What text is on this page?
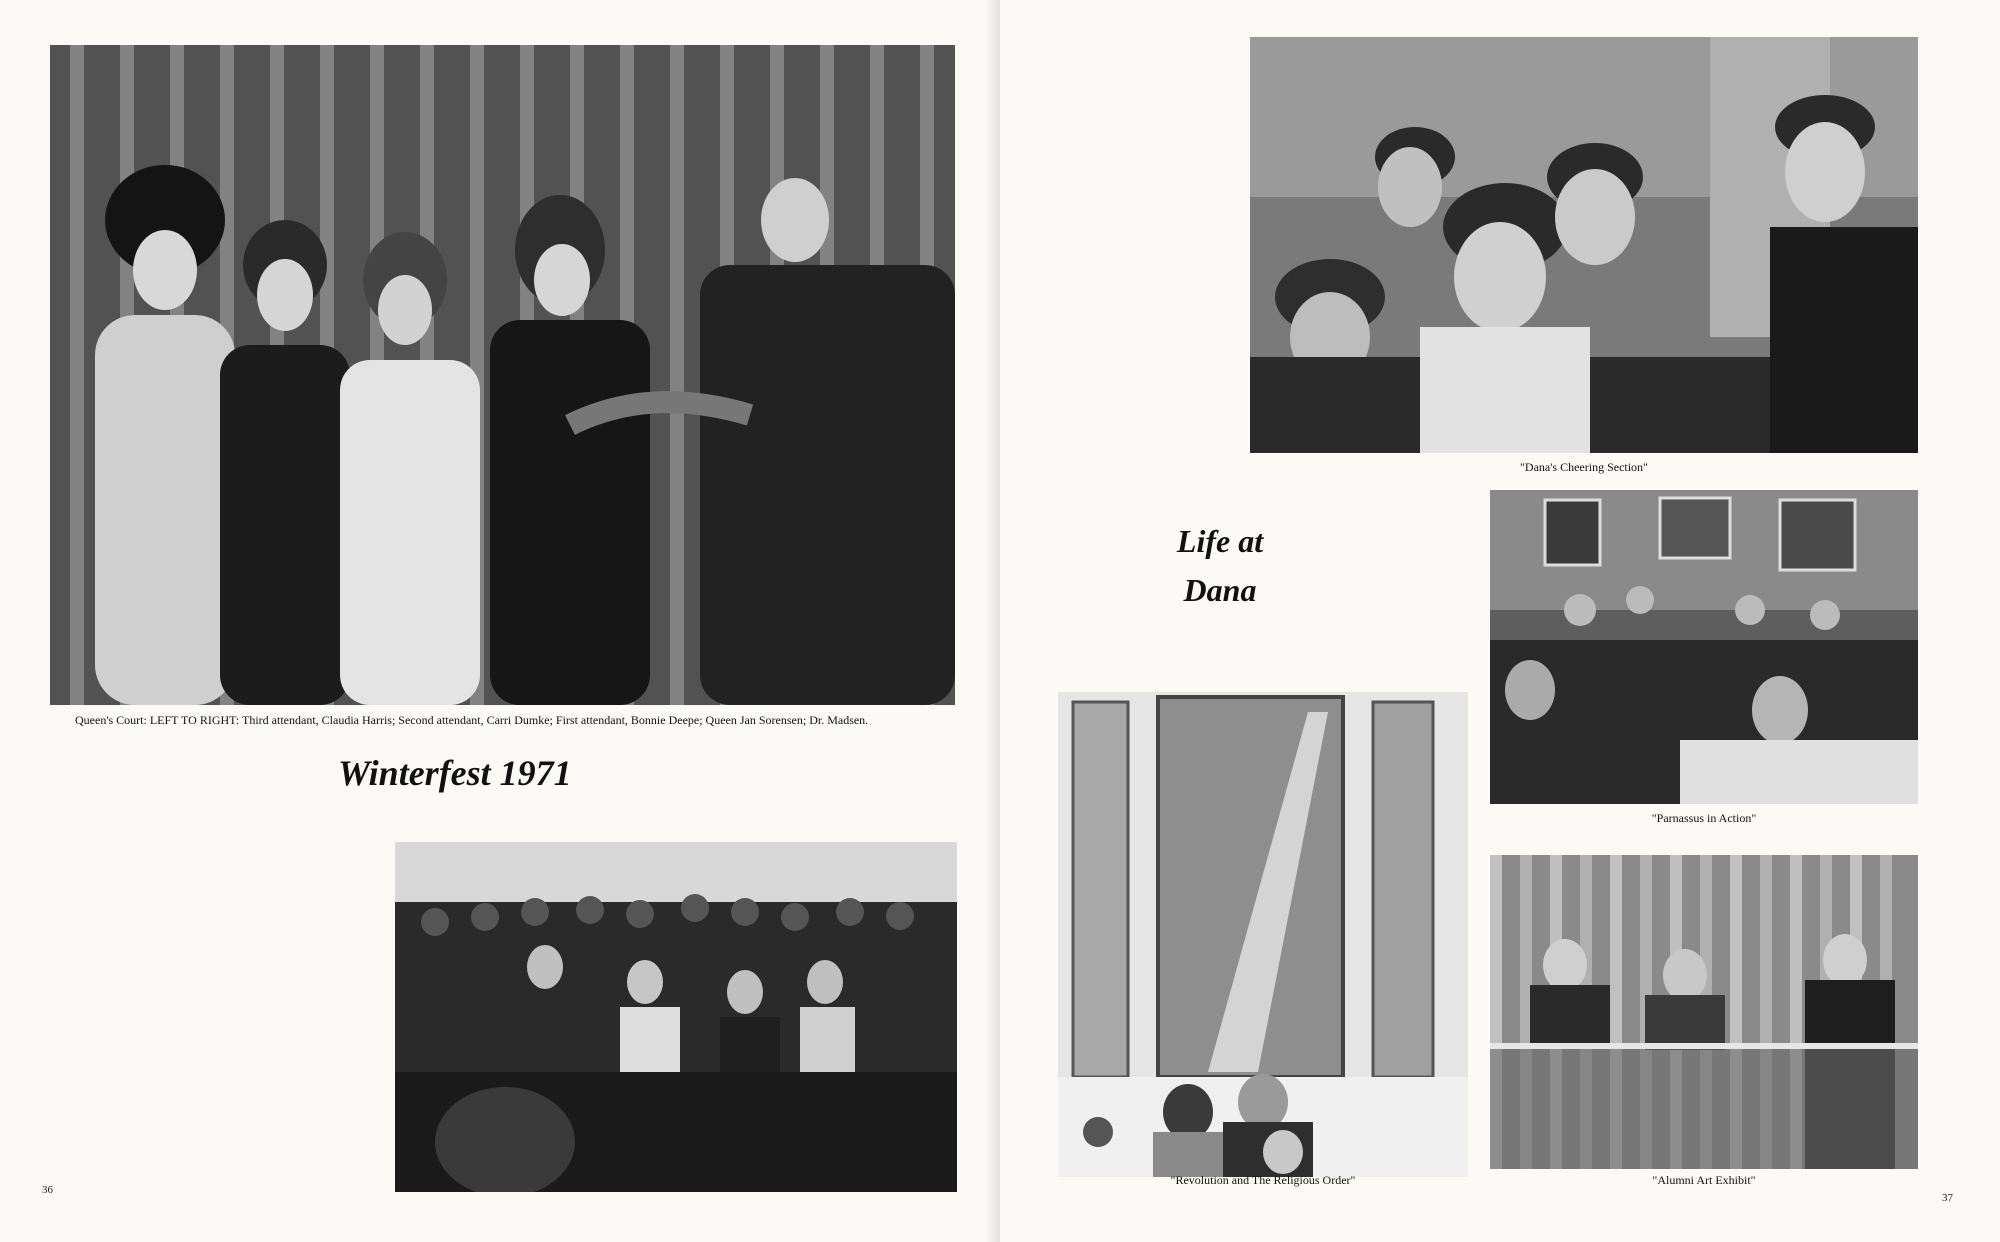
Queen's Court: LEFT TO RIGHT: Third attendant, Claudia Harris; Second attendant, Carri Dumke; First attendant, Bonnie Deepe; Queen Jan Sorensen; Dr. Madsen.
Winterfest 1971
36
"Dana's Cheering Section"
Life at
Dana
"Parnassus in Action"
"Revolution and The Religious Order"	"Alumni Art Exhibit"
37
